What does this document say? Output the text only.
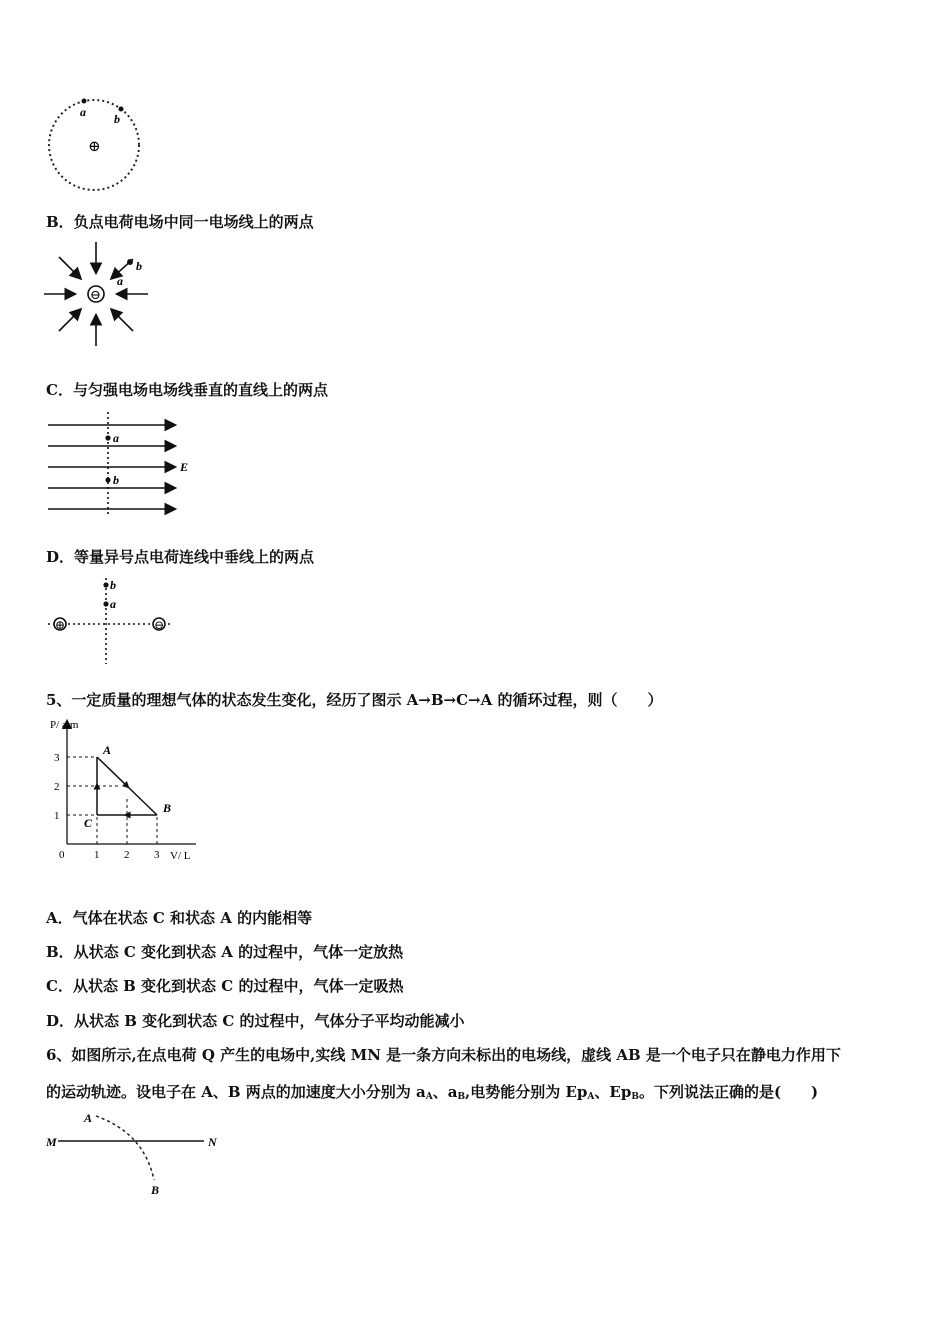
a b
⊕
B．负点电荷电场中同一电场线上的两点
⊖
b
a
C．与匀强电场电场线垂直的直线上的两点
a
b
E
D．等量异号点电荷连线中垂线上的两点
b
a
⊕	⊖
5、一定质量的理想气体的状态发生变化，经历了图示 A→B→C→A 的循环过程，则（　　）
P/ atm
V/ L
0
1
2
3
1 2 3
A
B
C
A．气体在状态 C 和状态 A 的内能相等
B．从状态 C 变化到状态 A 的过程中，气体一定放热
C．从状态 B 变化到状态 C 的过程中，气体一定吸热
D．从状态 B 变化到状态 C 的过程中，气体分子平均动能减小
6、如图所示,在点电荷 Q 产生的电场中,实线 MN 是一条方向未标出的电场线，虚线 AB 是一个电子只在静电力作用下
的运动轨迹。设电子在 A、B 两点的加速度大小分别为 $a_A$、$a_B$,电势能分别为 $Ep_A$、$Ep_B$。下列说法正确的是(　　)
M	N
A
B
